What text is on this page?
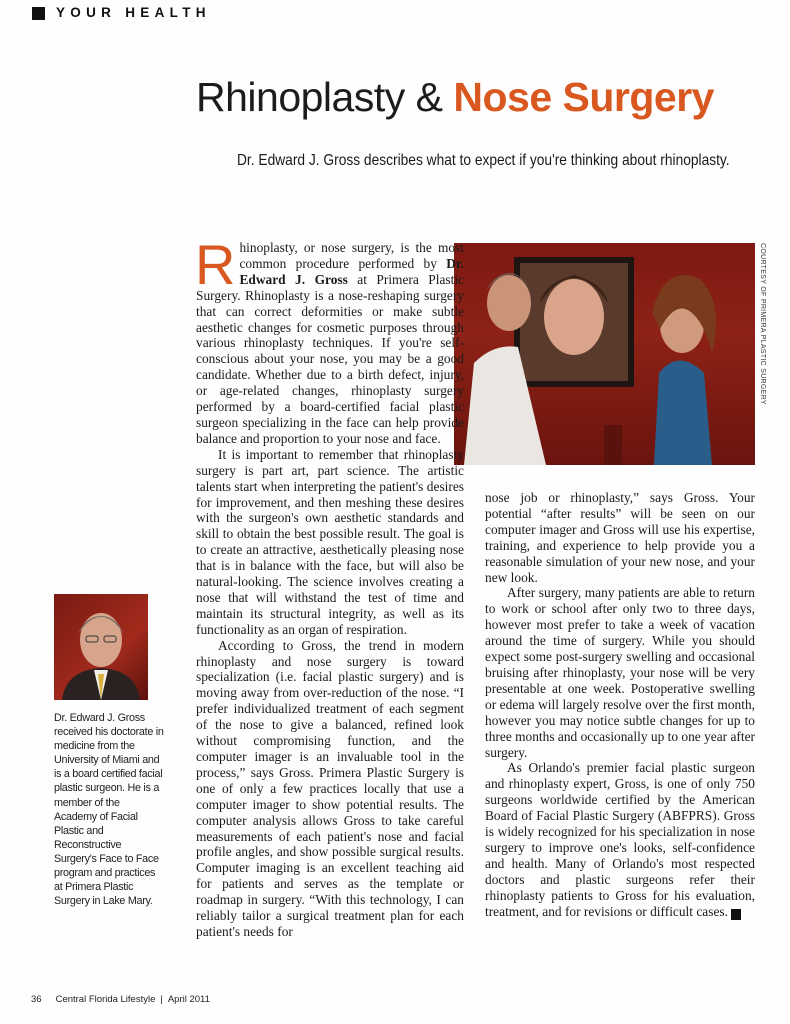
YOUR HEALTH
Rhinoplasty & Nose Surgery
Dr. Edward J. Gross describes what to expect if you're thinking about rhinoplasty.
COURTESY OF PRIMERA PLASTIC SURGERY

Rhinoplasty, or nose surgery, is the most common procedure performed by Dr. Edward J. Gross at Primera Plastic Surgery. Rhinoplasty is a nose-reshaping surgery that can correct deformities or make subtle aesthetic changes for cosmetic purposes through various rhinoplasty techniques. If you're self-conscious about your nose, you may be a good candidate. Whether due to a birth defect, injury, or age-related changes, rhinoplasty surgery performed by a board-certified facial plastic surgeon specializing in the face can help provide balance and proportion to your nose and face.

It is important to remember that rhinoplasty surgery is part art, part science. The artistic talents start when interpreting the patient's desires for improvement, and then meshing these desires with the surgeon's own aesthetic standards and skill to obtain the best possible result. The goal is to create an attractive, aesthetically pleasing nose that is in balance with the face, but will also be natural-looking. The science involves creating a nose that will withstand the test of time and maintain its structural integrity, as well as its functionality as an organ of respiration.

According to Gross, the trend in modern rhinoplasty and nose surgery is toward specialization (i.e. facial plastic surgery) and is moving away from over-reduction of the nose. “I prefer individualized treatment of each segment of the nose to give a balanced, refined look without compromising function, and the computer imager is an invaluable tool in the process,” says Gross. Primera Plastic Surgery is one of only a few practices locally that use a computer imager to show potential results. The computer analysis allows Gross to take careful measurements of each patient's nose and facial profile angles, and show possible surgical results. Computer imaging is an excellent teaching aid for patients and serves as the template or roadmap in surgery. “With this technology, I can reliably tailor a surgical treatment plan for each patient's needs for

nose job or rhinoplasty,” says Gross. Your potential “after results” will be seen on our computer imager and Gross will use his expertise, training, and experience to help provide you a reasonable simulation of your new nose, and your new look.

After surgery, many patients are able to return to work or school after only two to three days, however most prefer to take a week of vacation around the time of surgery. While you should expect some post-surgery swelling and occasional bruising after rhinoplasty, your nose will be very presentable at one week. Postoperative swelling or edema will largely resolve over the first month, however you may notice subtle changes for up to three months and occasionally up to one year after surgery.

As Orlando's premier facial plastic surgeon and rhinoplasty expert, Gross, is one of only 750 surgeons worldwide certified by the American Board of Facial Plastic Surgery (ABFPRS). Gross is widely recognized for his specialization in nose surgery to improve one's looks, self-confidence and health. Many of Orlando's most respected doctors and plastic surgeons refer their rhinoplasty patients to Gross for his evaluation, treatment, and for revisions or difficult cases.	L

Dr. Edward J. Gross received his doctorate in medicine from the University of Miami and is a board certified facial plastic surgeon. He is a member of the Academy of Facial Plastic and Reconstructive Surgery's Face to Face program and practices at Primera Plastic Surgery in Lake Mary.
36 Central Florida Lifestyle | April 2011
